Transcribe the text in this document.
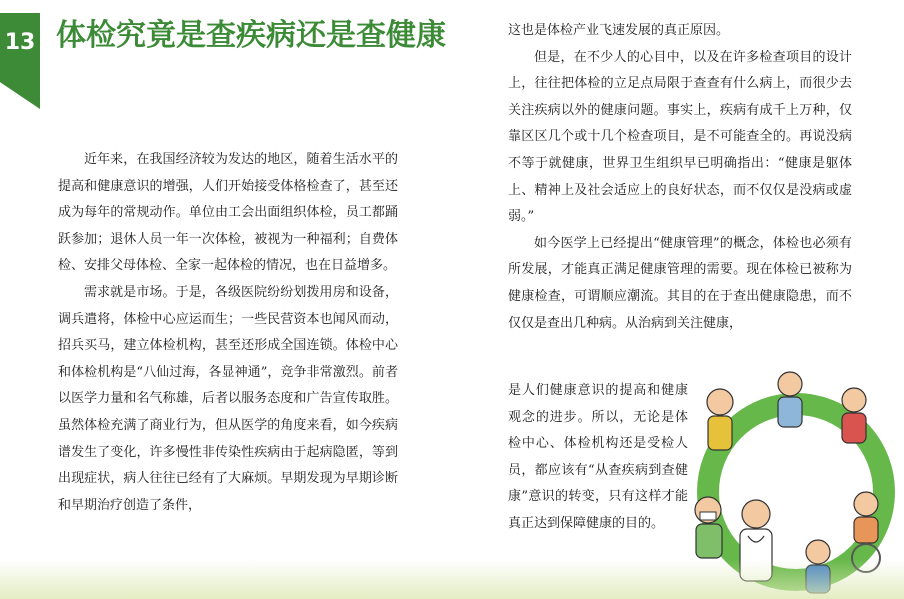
13 体检究竟是查疾病还是查健康

近年来，在我国经济较为发达的地区，随着生活水平的提高和健康意识的增强，人们开始接受体格检查了，甚至还成为每年的常规动作。单位由工会出面组织体检，员工都踊跃参加；退休人员一年一次体检，被视为一种福利；自费体检、安排父母体检、全家一起体检的情况，也在日益增多。

需求就是市场。于是，各级医院纷纷划拨用房和设备，调兵遣将，体检中心应运而生；一些民营资本也闻风而动，招兵买马，建立体检机构，甚至还形成全国连锁。体检中心和体检机构是“八仙过海，各显神通”，竞争非常激烈。前者以医学力量和名气称雄，后者以服务态度和广告宣传取胜。虽然体检充满了商业行为，但从医学的角度来看，如今疾病谱发生了变化，许多慢性非传染性疾病由于起病隐匿，等到出现症状，病人往往已经有了大麻烦。早期发现为早期诊断和早期治疗创造了条件，

这也是体检产业飞速发展的真正原因。

但是，在不少人的心目中，以及在许多检查项目的设计上，往往把体检的立足点局限于查查有什么病上，而很少去关注疾病以外的健康问题。事实上，疾病有成千上万种，仅靠区区几个或十几个检查项目，是不可能查全的。再说没病不等于就健康，世界卫生组织早已明确指出：“健康是躯体上、精神上及社会适应上的良好状态，而不仅仅是没病或虚弱。”

如今医学上已经提出“健康管理”的概念，体检也必须有所发展，才能真正满足健康管理的需要。现在体检已被称为健康检查，可谓顺应潮流。其目的在于查出健康隐患，而不仅仅是查出几种病。从治病到关注健康，

是人们健康意识的提高和健康观念的进步。所以，无论是体检中心、体检机构还是受检人员，都应该有“从查疾病到查健康”意识的转变，只有这样才能真正达到保障健康的目的。
